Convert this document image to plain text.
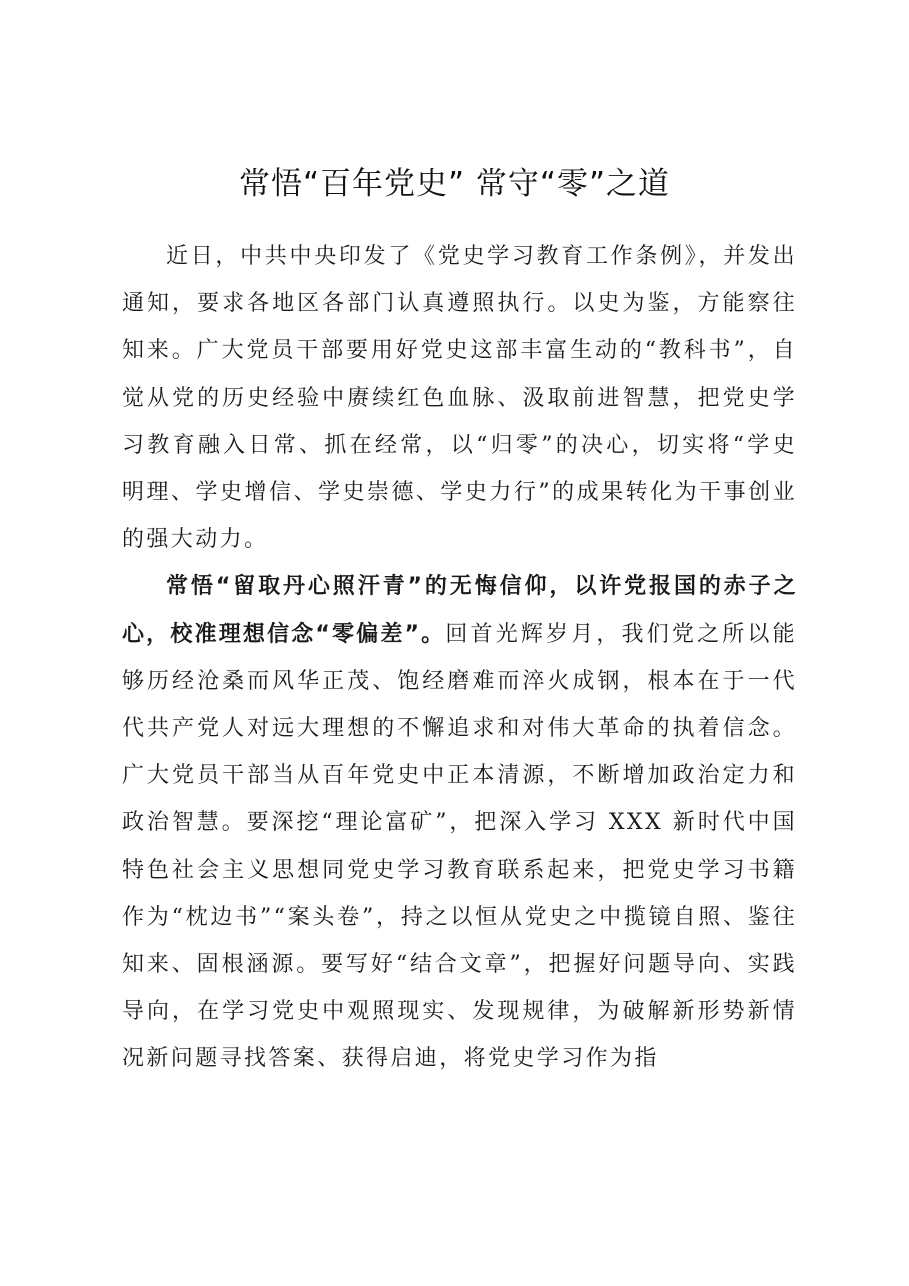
常悟“百年党史” 常守“零”之道

近日，中共中央印发了《党史学习教育工作条例》，并发出通知，要求各地区各部门认真遵照执行。以史为鉴，方能察往知来。广大党员干部要用好党史这部丰富生动的“教科书”，自觉从党的历史经验中赓续红色血脉、汲取前进智慧，把党史学习教育融入日常、抓在经常，以“归零”的决心，切实将“学史明理、学史增信、学史崇德、学史力行”的成果转化为干事创业的强大动力。

常悟“留取丹心照汗青”的无悔信仰，以许党报国的赤子之心，校准理想信念“零偏差”。回首光辉岁月，我们党之所以能够历经沧桑而风华正茂、饱经磨难而淬火成钢，根本在于一代代共产党人对远大理想的不懈追求和对伟大革命的执着信念。广大党员干部当从百年党史中正本清源，不断增加政治定力和政治智慧。要深挖“理论富矿”，把深入学习 XXX 新时代中国特色社会主义思想同党史学习教育联系起来，把党史学习书籍作为“枕边书”“案头卷”，持之以恒从党史之中揽镜自照、鉴往知来、固根涵源。要写好“结合文章”，把握好问题导向、实践导向，在学习党史中观照现实、发现规律，为破解新形势新情况新问题寻找答案、获得启迪，将党史学习作为指
